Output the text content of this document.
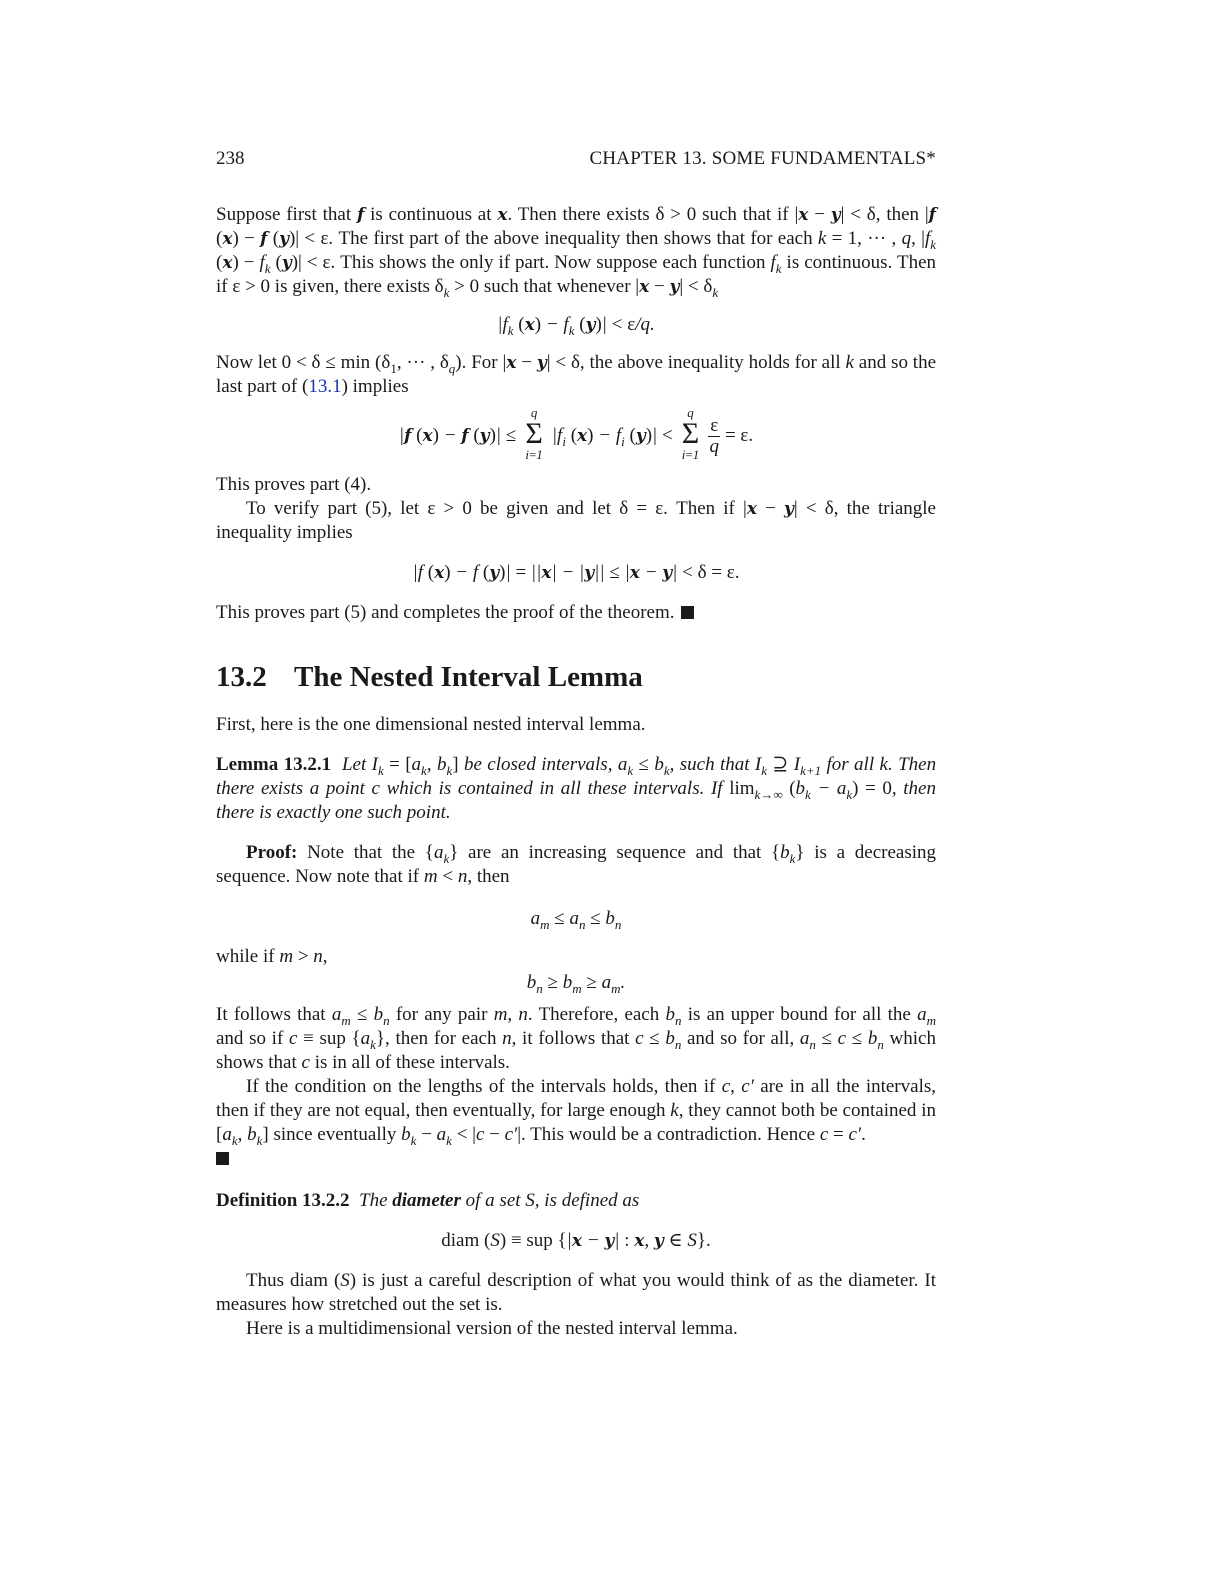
238	CHAPTER 13. SOME FUNDAMENTALS*

Suppose first that f is continuous at x. Then there exists δ > 0 such that if |x − y| < δ, then |f (x) − f (y)| < ε. The first part of the above inequality then shows that for each k = 1, ··· , q, $|f_k$ $(x) - f_k$ (y)| < ε. This shows the only if part. Now suppose each function $f_k$ is continuous. Then if ε > 0 is given, there exists $\delta_k > 0$ such that whenever $|x - y| < \delta_k$

$|f_k$ $(x) - f_k$ (y)| < ε/q.

Now let $0 < \delta \le \min (\delta_1$, ··· , $\delta_q$). For |x − y| < δ, the above inequality holds for all k and so the last part of (13.1) implies

|f (x) − f (y)| ≤
q
Σ
i=1
$|f_i$ $(x) - f_i$ (y)| <
q
Σ
i=1
$\frac{\varepsilon}{q} = \varepsilon$.

This proves part (4).

To verify part (5), let ε > 0 be given and let δ = ε. Then if |x − y| < δ, the triangle inequality implies

|f (x) − f (y)| = ||x| − |y|| ≤ |x − y| < δ = ε.

This proves part (5) and completes the proof of the theorem.

13.2 The Nested Interval Lemma

First, here is the one dimensional nested interval lemma.

Lemma 13.2.1 Let $I_k = [a_k$, $b_k$] be closed intervals, $a_k \le b_k$, such that $I_k$ ⊇ $I_{k+1}$ for all k. Then there exists a point c which is contained in all these intervals. If $\lim_{k\to\infty} (b_k - a_k) = 0$, then there is exactly one such point.

Proof: Note that the $\{a_k\}$ are an increasing sequence and that $\{b_k\}$ is a decreasing sequence. Now note that if m < n, then

$a_m \le a_n \le b_n$

while if m > n,

$b_n \ge b_m \ge a_m$.

It follows that $a_m \le b_n$ for any pair m, n. Therefore, each $b_n$ is an upper bound for all the $a_m$ and so if c ≡ sup $\{a_k\}$, then for each n, it follows that $c \le b_n$ and so for all, $a_n \le c \le b_n$ which shows that c is in all of these intervals.

If the condition on the lengths of the intervals holds, then if c, c′ are in all the intervals, then if they are not equal, then eventually, for large enough k, they cannot both be contained in [$a_k$, $b_k$] since eventually $b_k - a_k < |c - c'|$. This would be a contradiction. Hence c = c′.

Definition 13.2.2 The diameter of a set S, is defined as

diam (S) ≡ sup {|x − y| : x, y ∈ S}.

Thus diam (S) is just a careful description of what you would think of as the diameter. It measures how stretched out the set is.

Here is a multidimensional version of the nested interval lemma.
